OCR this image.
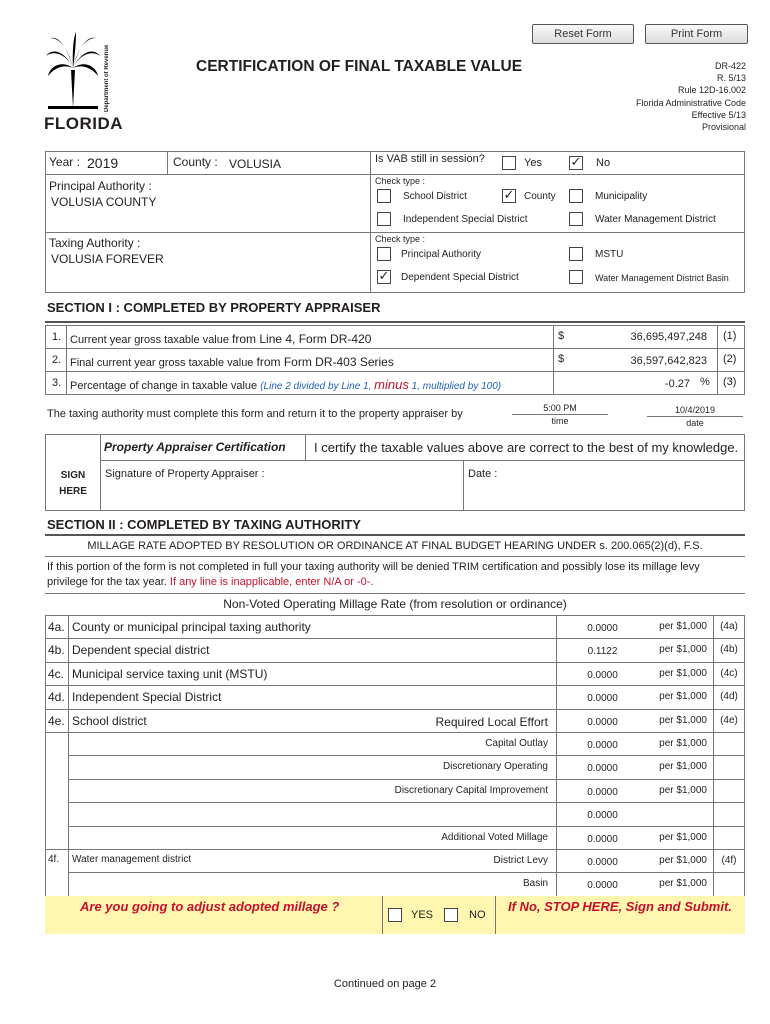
Reset Form	Print Form
Department of Revenue
FLORIDA
CERTIFICATION OF FINAL TAXABLE VALUE	DR-422
R. 5/13
Rule 12D-16.002
Florida Administrative Code
Effective 5/13
Provisional
Year : 2019	County : VOLUSIA	Is VAB still in session?	Yes ✓ No
Principal Authority :
VOLUSIA COUNTY
Check type :
School District	✓ County	Municipality
Independent Special District	Water Management District
Taxing Authority :
VOLUSIA FOREVER
Check type :
Principal Authority	MSTU
✓ Dependent Special District	Water Management District Basin
SECTION I : COMPLETED BY PROPERTY APPRAISER
1. Current year gross taxable value from Line 4, Form DR-420	$	36,695,497,248 (1)
2. Final current year gross taxable value from Form DR-403 Series	$	36,597,642,823 (2)
3. Percentage of change in taxable value (Line 2 divided by Line 1, minus 1, multiplied by 100)	-0.27 % (3)
The taxing authority must complete this form and return it to the property appraiser by	5:00 PM
time
10/4/2019
date
Property Appraiser Certification I certify the taxable values above are correct to the best of my knowledge.
SIGN
HERE
Signature of Property Appraiser :	Date :
SECTION II : COMPLETED BY TAXING AUTHORITY
MILLAGE RATE ADOPTED BY RESOLUTION OR ORDINANCE AT FINAL BUDGET HEARING UNDER s. 200.065(2)(d), F.S.
If this portion of the form is not completed in full your taxing authority will be denied TRIM certification and possibly lose its millage levy privilege for the tax year. If any line is inapplicable, enter N/A or -0-.
Non-Voted Operating Millage Rate (from resolution or ordinance)
4a. County or municipal principal taxing authority	0.0000	per $1,000	(4a)
4b. Dependent special district	0.1122	per $1,000	(4b)
4c. Municipal service taxing unit (MSTU)	0.0000	per $1,000	(4c)
4d. Independent Special District	0.0000	per $1,000	(4d)
4e. School district	Required Local Effort	0.0000	per $1,000	(4e)
Capital Outlay	0.0000	per $1,000
Discretionary Operating	0.0000	per $1,000
Discretionary Capital Improvement	0.0000	per $1,000
0.0000
Additional Voted Millage	0.0000	per $1,000
4f. Water management district	District Levy	0.0000	per $1,000	(4f)
Basin	0.0000	per $1,000
Are you going to adjust adopted millage ?
YES	NO
If No, STOP HERE, Sign and Submit.
Continued on page 2
